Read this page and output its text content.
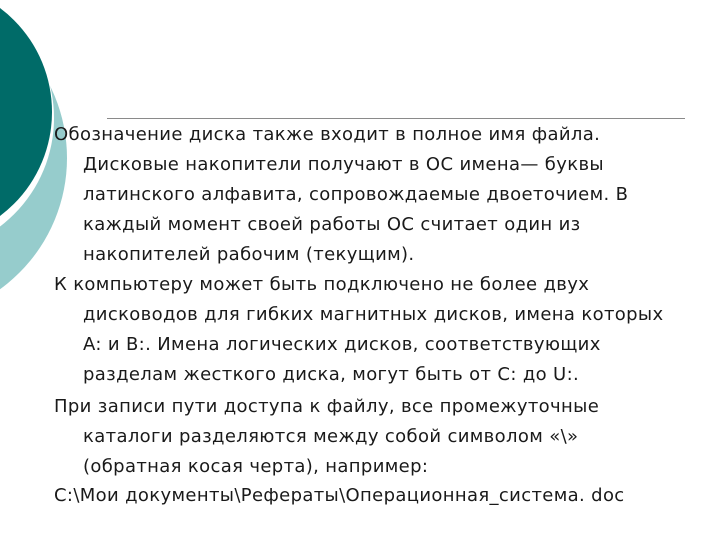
Обозначение диска также входит в полное имя файла.
Дисковые накопители получают в ОС имена— буквы
латинского алфавита, сопровождаемые двоеточием. В
каждый момент своей работы ОС считает один из
накопителей рабочим (текущим).
К компьютеру может быть подключено не более двух
дисководов для гибких магнитных дисков, имена которых
A: и B:. Имена логических дисков, соответствующих
разделам жесткого диска, могут быть от C: до U:.
При записи пути доступа к файлу, все промежуточные
каталоги разделяются между собой символом «\»
(обратная косая черта), например:
C:\Мои документы\Рефераты\Операционная_система. doc
